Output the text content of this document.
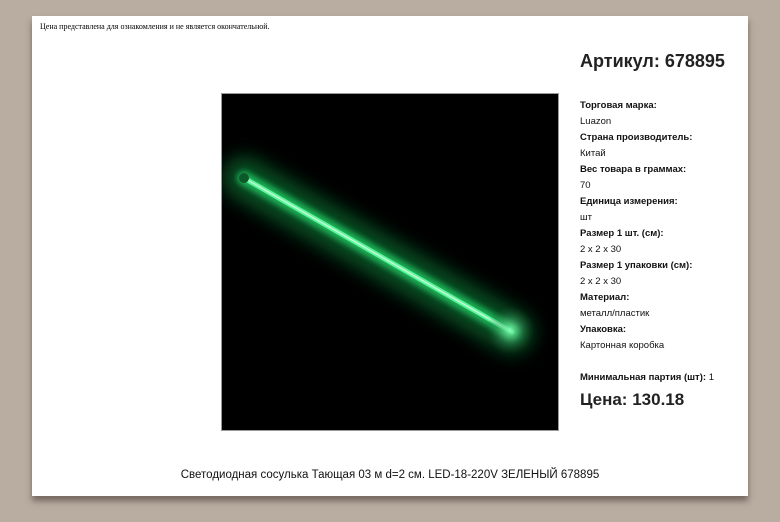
Цена представлена для ознакомления и не является окончательной.
Артикул: 678895
Торговая марка:
Luazon
Страна производитель:
Китай
Вес товара в граммах:
70
Единица измерения:
шт
Размер 1 шт. (см):
2 х 2 х 30
Размер 1 упаковки (см):
2 х 2 х 30
Материал:
металл/пластик
Упаковка:
Картонная коробка
Минимальная партия (шт): 1
Цена: 130.18
Светодиодная сосулька Тающая 03 м d=2 см. LED-18-220V ЗЕЛЕНЫЙ 678895
